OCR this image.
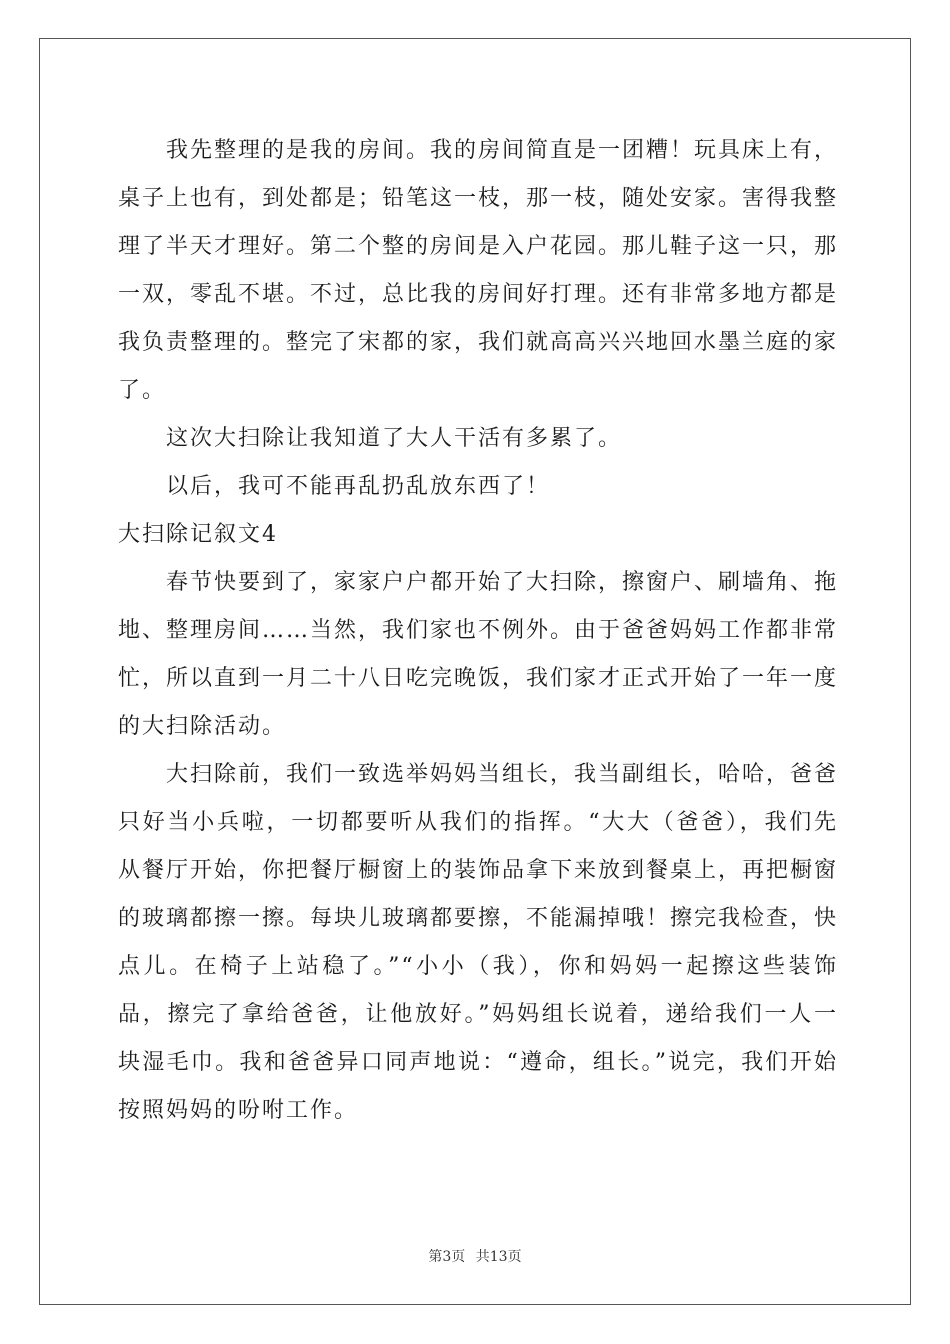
我先整理的是我的房间。我的房间简直是一团糟！玩具床上有，桌子上也有，到处都是；铅笔这一枝，那一枝，随处安家。害得我整理了半天才理好。第二个整的房间是入户花园。那儿鞋子这一只，那一双，零乱不堪。不过，总比我的房间好打理。还有非常多地方都是我负责整理的。整完了宋都的家，我们就高高兴兴地回水墨兰庭的家了。

这次大扫除让我知道了大人干活有多累了。

以后，我可不能再乱扔乱放东西了！

大扫除记叙文4

春节快要到了，家家户户都开始了大扫除，擦窗户、刷墙角、拖地、整理房间……当然，我们家也不例外。由于爸爸妈妈工作都非常忙，所以直到一月二十八日吃完晚饭，我们家才正式开始了一年一度的大扫除活动。

大扫除前，我们一致选举妈妈当组长，我当副组长，哈哈，爸爸只好当小兵啦，一切都要听从我们的指挥。“大大（爸爸），我们先从餐厅开始，你把餐厅橱窗上的装饰品拿下来放到餐桌上，再把橱窗的玻璃都擦一擦。每块儿玻璃都要擦，不能漏掉哦！擦完我检查，快点儿。在椅子上站稳了。”“小小（我），你和妈妈一起擦这些装饰品，擦完了拿给爸爸，让他放好。”妈妈组长说着，递给我们一人一块湿毛巾。我和爸爸异口同声地说：“遵命，组长。”说完，我们开始按照妈妈的吩咐工作。

第3页 共13页
